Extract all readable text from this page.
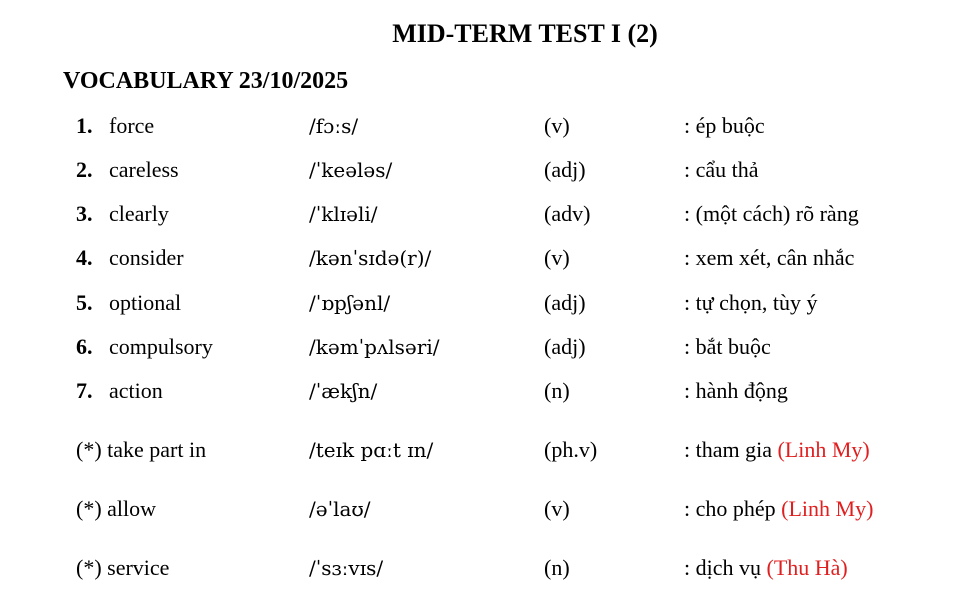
MID-TERM TEST I (2)
VOCABULARY 23/10/2025
1. force	/fɔːs/	(v)	: ép buộc
2. careless	/ˈkeələs/	(adj)	: cẩu thả
3. clearly	/ˈklɪəli/	(adv)	: (một cách) rõ ràng
4. consider	/kənˈsɪdə(r)/	(v)	: xem xét, cân nhắc
5. optional	/ˈɒpʃənl/	(adj)	: tự chọn, tùy ý
6. compulsory	/kəmˈpʌlsəri/	(adj)	: bắt buộc
7. action	/ˈækʃn/	(n)	: hành động
(*) take part in	/teɪk pɑːt ɪn/	(ph.v)	: tham gia (Linh My)
(*) allow	/əˈlaʊ/	(v)	: cho phép (Linh My)
(*) service	/ˈsɜːvɪs/	(n)	: dịch vụ (Thu Hà)
